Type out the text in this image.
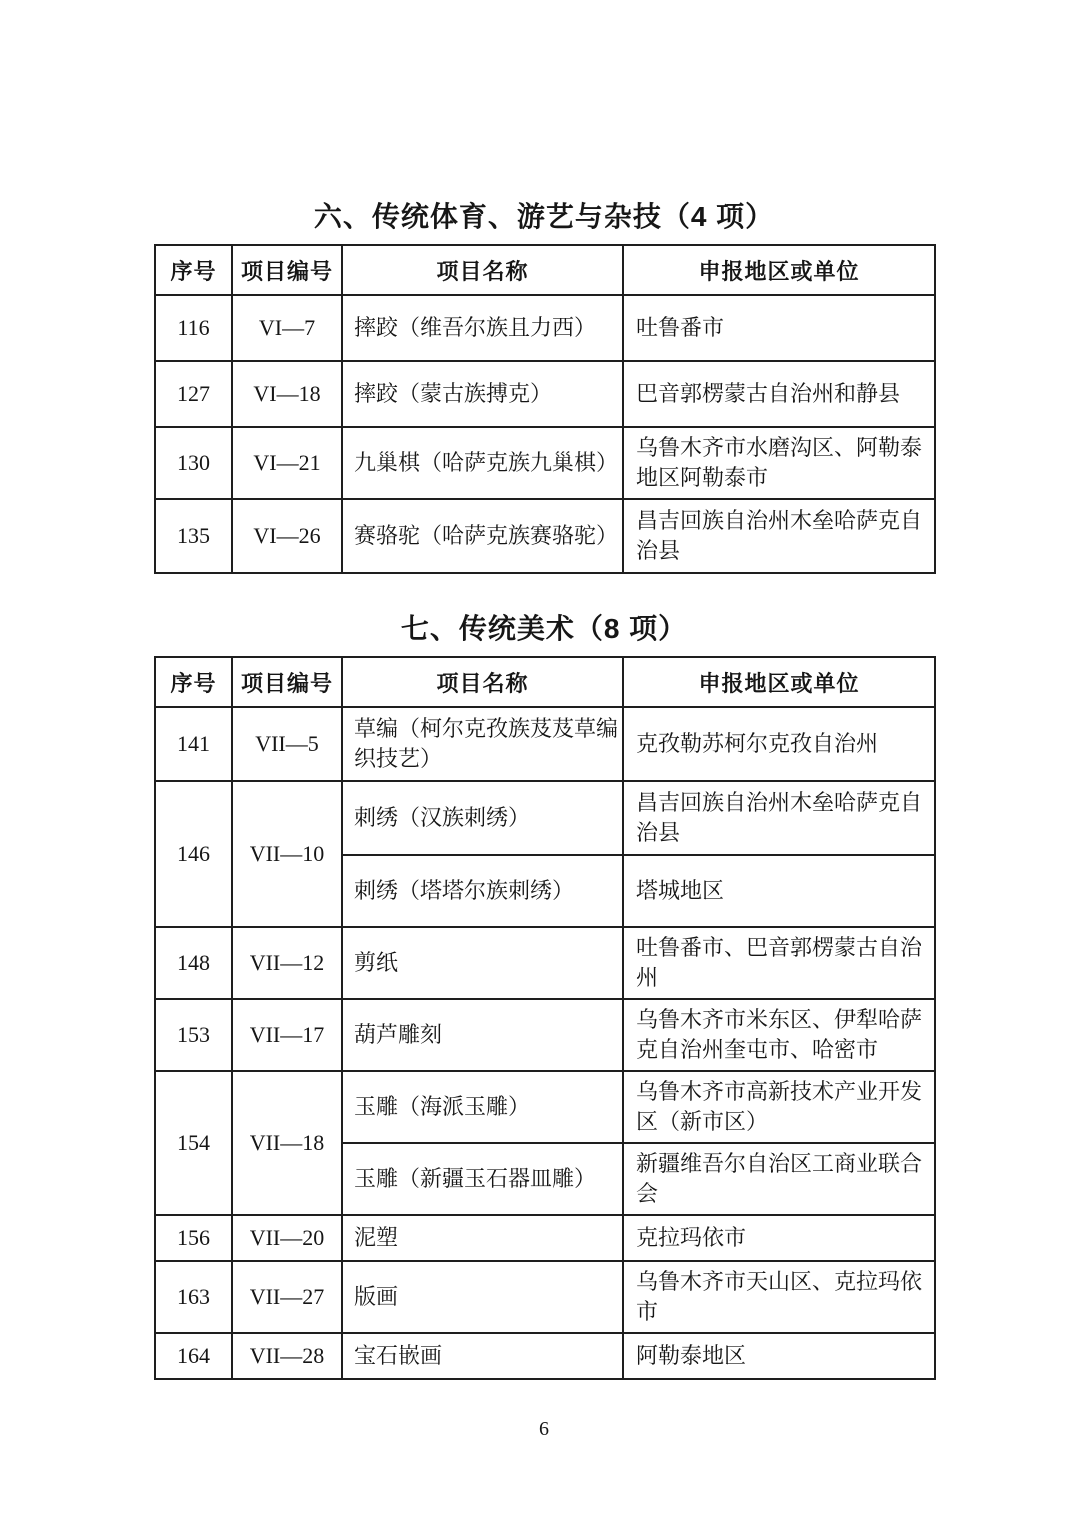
六、传统体育、游艺与杂技（4 项）
序号	项目编号	项目名称	申报地区或单位
116	VI—7	摔跤（维吾尔族且力西）	吐鲁番市
127	VI—18	摔跤（蒙古族搏克）	巴音郭楞蒙古自治州和静县
130	VI—21	九巢棋（哈萨克族九巢棋）	乌鲁木齐市水磨沟区、阿勒泰地区阿勒泰市
135	VI—26	赛骆驼（哈萨克族赛骆驼）	昌吉回族自治州木垒哈萨克自治县
七、传统美术（8 项）
序号	项目编号	项目名称	申报地区或单位
141	VII—5	草编（柯尔克孜族芨芨草编织技艺）	克孜勒苏柯尔克孜自治州
146	VII—10	刺绣（汉族刺绣）	昌吉回族自治州木垒哈萨克自治县
		刺绣（塔塔尔族刺绣）	塔城地区
148	VII—12	剪纸	吐鲁番市、巴音郭楞蒙古自治州
153	VII—17	葫芦雕刻	乌鲁木齐市米东区、伊犁哈萨克自治州奎屯市、哈密市
154	VII—18	玉雕（海派玉雕）	乌鲁木齐市高新技术产业开发区（新市区）
		玉雕（新疆玉石器皿雕）	新疆维吾尔自治区工商业联合会
156	VII—20	泥塑	克拉玛依市
163	VII—27	版画	乌鲁木齐市天山区、克拉玛依市
164	VII—28	宝石嵌画	阿勒泰地区
6
